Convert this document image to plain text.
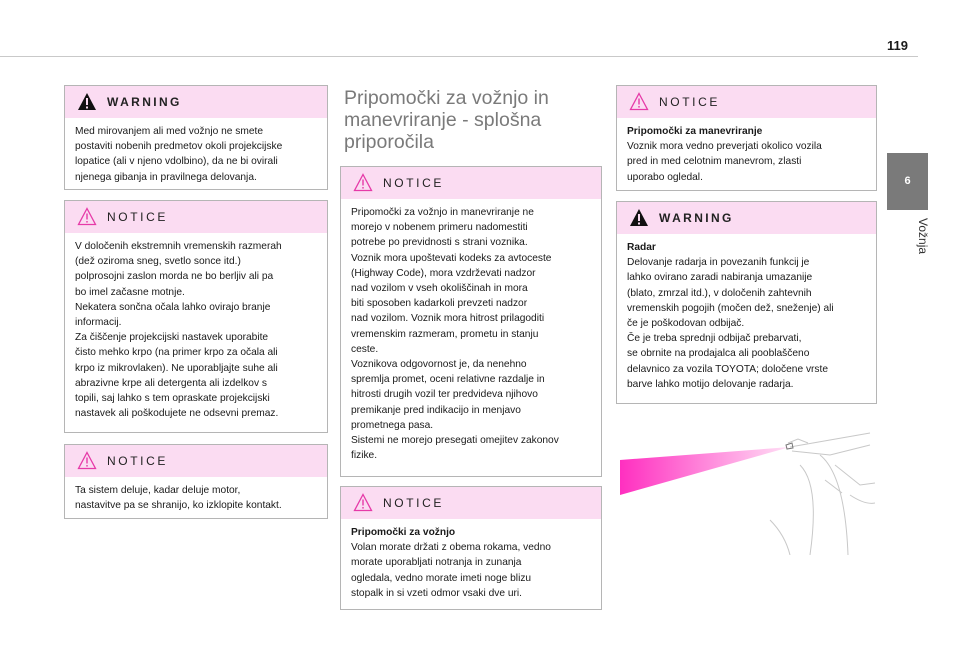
119
6
Vožnja
WARNING

Med mirovanjem ali med vožnjo ne smete

postaviti nobenih predmetov okoli projekcijske

lopatice (ali v njeno vdolbino), da ne bi ovirali

njenega gibanja in pravilnega delovanja.

NOTICE

V določenih ekstremnih vremenskih razmerah

(dež oziroma sneg, svetlo sonce itd.)

polprosojni zaslon morda ne bo berljiv ali pa

bo imel začasne motnje.

Nekatera sončna očala lahko ovirajo branje

informacij.

Za čiščenje projekcijski nastavek uporabite

čisto mehko krpo (na primer krpo za očala ali

krpo iz mikrovlaken). Ne uporabljajte suhe ali

abrazivne krpe ali detergenta ali izdelkov s

topili, saj lahko s tem opraskate projekcijski

nastavek ali poškodujete ne odsevni premaz.

NOTICE

Ta sistem deluje, kadar deluje motor,

nastavitve pa se shranijo, ko izklopite kontakt.

Pripomočki za vožnjo in
manevriranje - splošna
priporočila
NOTICE

Pripomočki za vožnjo in manevriranje ne

morejo v nobenem primeru nadomestiti

potrebe po previdnosti s strani voznika.

Voznik mora upoštevati kodeks za avtoceste

(Highway Code), mora vzdrževati nadzor

nad vozilom v vseh okoliščinah in mora

biti sposoben kadarkoli prevzeti nadzor

nad vozilom. Voznik mora hitrost prilagoditi

vremenskim razmeram, prometu in stanju

ceste.

Voznikova odgovornost je, da nenehno

spremlja promet, oceni relativne razdalje in

hitrosti drugih vozil ter predvideva njihovo

premikanje pred indikacijo in menjavo

prometnega pasa.

Sistemi ne morejo presegati omejitev zakonov

fizike.

NOTICE

Pripomočki za vožnjo

Volan morate držati z obema rokama, vedno

morate uporabljati notranja in zunanja

ogledala, vedno morate imeti noge blizu

stopalk in si vzeti odmor vsaki dve uri.

NOTICE

Pripomočki za manevriranje

Voznik mora vedno preverjati okolico vozila

pred in med celotnim manevrom, zlasti

uporabo ogledal.

WARNING

Radar

Delovanje radarja in povezanih funkcij je

lahko ovirano zaradi nabiranja umazanije

(blato, zmrzal itd.), v določenih zahtevnih

vremenskih pogojih (močen dež, sneženje) ali

če je poškodovan odbijač.

Če je treba sprednji odbijač prebarvati,

se obrnite na prodajalca ali pooblaščeno

delavnico za vozila TOYOTA; določene vrste

barve lahko motijo delovanje radarja.
